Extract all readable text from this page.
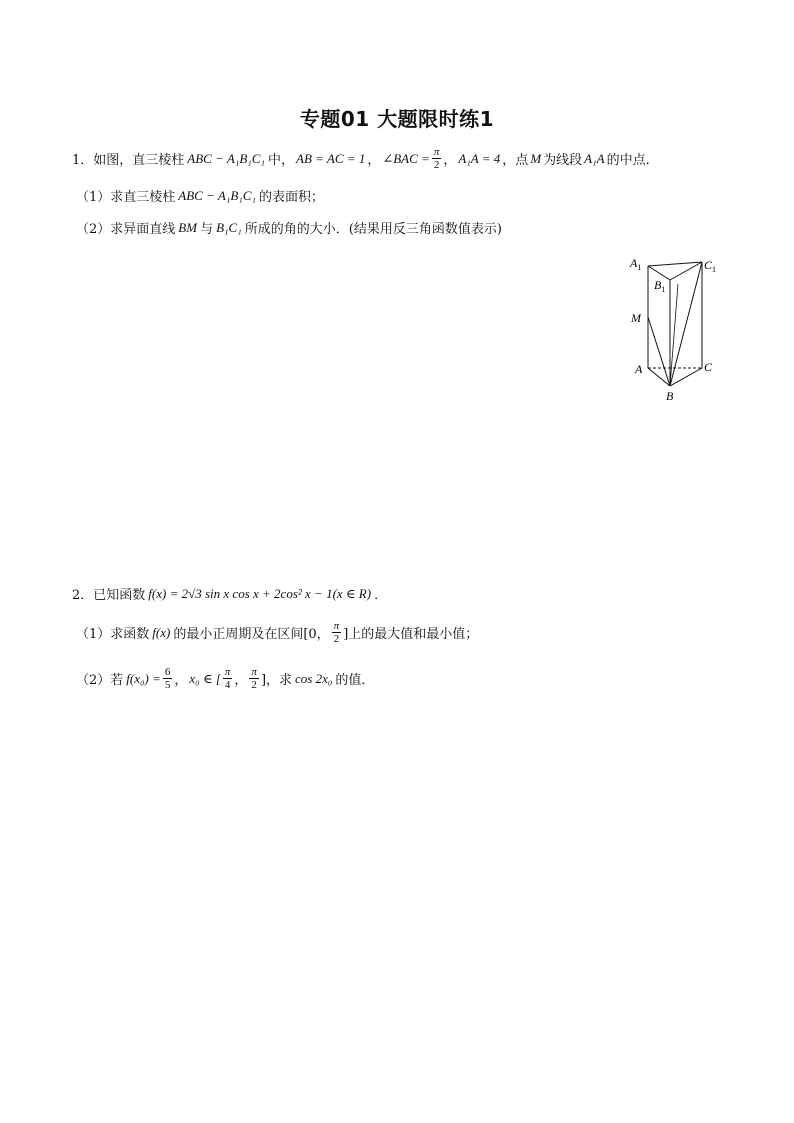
专题01 大题限时练1
1． 如图，直三棱柱 ABC − A₁B₁C₁ 中， AB = AC = 1 ， ∠BAC = $\frac{\pi}{2}$ ， A₁A = 4 ，点 M 为线段 A₁A 的中点．
（1） 求直三棱柱 ABC − A₁B₁C₁ 的表面积；
（2） 求异面直线 BM 与 B₁C₁ 所成的角的大小．(结果用反三角函数值表示)
$A_1$	$C_1$
$B_1$
M
A	C
B
2． 已知函数 f(x) = 2√3 sin x cos x + 2cos² x − 1(x ∈ R) ．
（1） 求函数 f(x) 的最小正周期及在区间[0， $\frac{\pi}{2}$ ]上的最大值和最小值；
（2） 若 $f(x_0) = \frac{6}{5}$ ， x₀ ∈ [ $\frac{\pi}{4}$ ， $\frac{\pi}{2}$ ]，求 cos 2x₀ 的值．
